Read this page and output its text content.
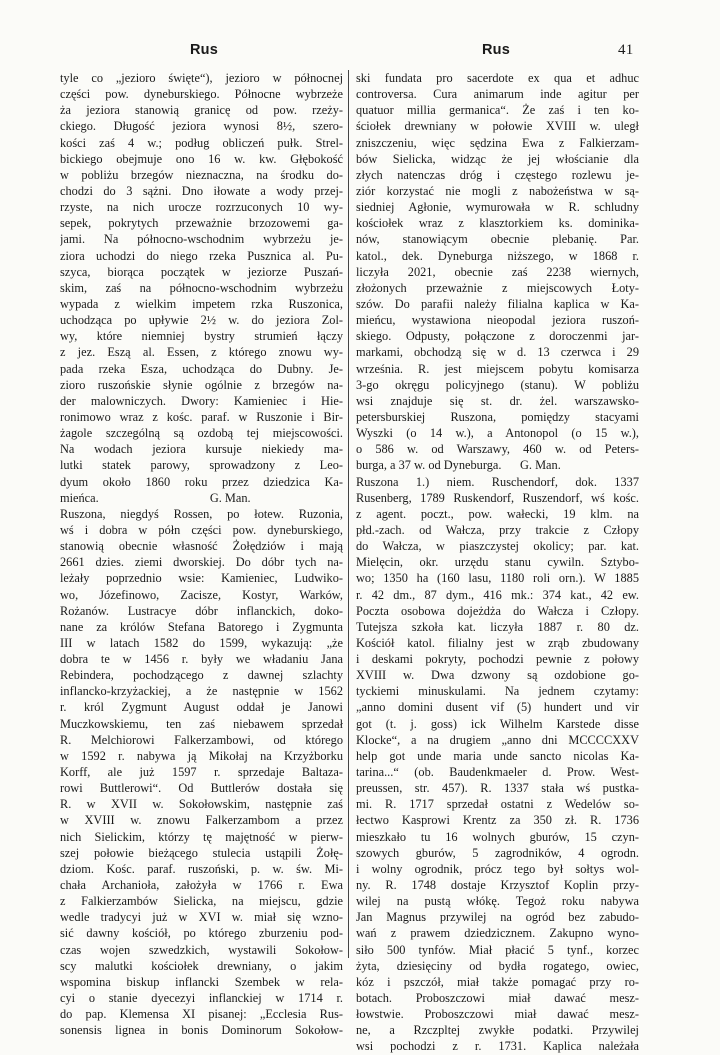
Rus	Rus	41
tyle co „jezioro święte“), jezioro w północnej
części pow. dyneburskiego. Północne wybrzeże
ża jeziora stanowią granicę od pow. rzeży-
ckiego. Długość jeziora wynosi 8½, szero-
kości zaś 4 w.; podług obliczeń pułk. Strel-
bickiego obejmuje ono 16 w. kw. Głębokość
w pobliżu brzegów nieznaczna, na środku do-
chodzi do 3 sążni. Dno iłowate a wody przej-
rzyste, na nich urocze rozrzuconych 10 wy-
sepek, pokrytych przeważnie brzozowemi ga-
jami. Na północno-wschodnim wybrzeżu je-
ziora uchodzi do niego rzeka Pusznica al. Pu-
szyca, biorąca początek w jeziorze Puszań-
skim, zaś na północno-wschodnim wybrzeżu
wypada z wielkim impetem rzka Ruszonica,
uchodząca po upływie 2½ w. do jeziora Zol-
wy, które niemniej bystry strumień łączy
z jez. Eszą al. Essen, z którego znowu wy-
pada rzeka Esza, uchodząca do Dubny. Je-
zioro ruszońskie słynie ogólnie z brzegów na-
der malowniczych. Dwory: Kamieniec i Hie-
ronimowo wraz z kośc. paraf. w Ruszonie i Bir-
żagole szczególną są ozdobą tej miejscowości.
Na wodach jeziora kursuje niekiedy ma-
lutki statek parowy, sprowadzony z Leo-
dyum około 1860 roku przez dziedzica Ka-
mieńca.                                    G. Man.
Ruszona, niegdyś Rossen, po łotew. Ruzonia,
wś i dobra w półn części pow. dyneburskiego,
stanowią obecnie własność Żołędziów i mają
2661 dzies. ziemi dworskiej. Do dóbr tych na-
leżały poprzednio wsie: Kamieniec, Ludwiko-
wo, Józefinowo, Zacisze, Kostyr, Warków,
Rożanów. Lustracye dóbr inflanckich, doko-
nane za królów Stefana Batorego i Zygmunta
III w latach 1582 do 1599, wykazują: „że
dobra te w 1456 r. były we władaniu Jana
Rebindera, pochodzącego z dawnej szlachty
inflancko-krzyżackiej, a że następnie w 1562
r. król Zygmunt August oddał je Janowi
Muczkowskiemu, ten zaś niebawem sprzedał
R. Melchiorowi Falkerzambowi, od którego
w 1592 r. nabywa ją Mikołaj na Krzyżborku
Korff, ale już 1597 r. sprzedaje Baltaza-
rowi Buttlerowi“. Od Buttlerów dostała się
R. w XVII w. Sokołowskim, następnie zaś
w XVIII w. znowu Falkerzambom a przez
nich Sielickim, którzy tę majętność w pierw-
szej połowie bieżącego stulecia ustąpili Żołę-
dziom. Kośc. paraf. ruszoński, p. w. św. Mi-
chała Archanioła, założyła w 1766 r. Ewa
z Falkierzambów Sielicka, na miejscu, gdzie
wedle tradycyi już w XVI w. miał się wzno-
sić dawny kościół, po którego zburzeniu pod-
czas wojen szwedzkich, wystawili Sokołow-
scy malutki kościołek drewniany, o jakim
wspomina biskup inflancki Szembek w rela-
cyi o stanie dyecezyi inflanckiej w 1714 r.
do pap. Klemensa XI pisanej: „Ecclesia Rus-
sonensis lignea in bonis Dominorum Sokołow-
ski fundata pro sacerdote ex qua et adhuc
controversa. Cura animarum inde agitur per
quatuor millia germanica“. Że zaś i ten ko-
ściołek drewniany w połowie XVIII w. uległ
zniszczeniu, więc sędzina Ewa z Falkierzam-
bów Sielicka, widząc że jej włościanie dla
złych natenczas dróg i częstego rozlewu je-
ziór korzystać nie mogli z nabożeństwa w są-
siedniej Agłonie, wymurowała w R. schludny
kościołek wraz z klasztorkiem ks. dominika-
nów, stanowiącym obecnie plebanię. Par.
katol., dek. Dyneburga niższego, w 1868 r.
liczyła 2021, obecnie zaś 2238 wiernych,
złożonych przeważnie z miejscowych Łoty-
szów. Do parafii należy filialna kaplica w Ka-
mieńcu, wystawiona nieopodal jeziora ruszoń-
skiego. Odpusty, połączone z doroczenmi jar-
markami, obchodzą się w d. 13 czerwca i 29
września. R. jest miejscem pobytu komisarza
3-go okręgu policyjnego (stanu). W pobliżu
wsi znajduje się st. dr. żel. warszawsko-
petersburskiej Ruszona, pomiędzy stacyami
Wyszki (o 14 w.), a Antonopol (o 15 w.),
o 586 w. od Warszawy, 460 w. od Peters-
burga, a 37 w. od Dyneburga.      G. Man.
Ruszona 1.) niem. Ruschendorf, dok. 1337
Rusenberg, 1789 Ruskendorf, Ruszendorf, wś kośc.
z agent. poczt., pow. wałecki, 19 klm. na
płd.-zach. od Wałcza, przy trakcie z Człopy
do Wałcza, w piaszczystej okolicy; par. kat.
Mielęcin, okr. urzędu stanu cywiln. Sztybo-
wo; 1350 ha (160 lasu, 1180 roli orn.). W 1885
r. 42 dm., 87 dym., 416 mk.: 374 kat., 42 ew.
Poczta osobowa dojeżdża do Wałcza i Człopy.
Tutejsza szkoła kat. liczyła 1887 r. 80 dz.
Kościół katol. filialny jest w zrąb zbudowany
i deskami pokryty, pochodzi pewnie z połowy
XVIII w. Dwa dzwony są ozdobione go-
tyckiemi minuskulami. Na jednem czytamy:
„anno domini dusent vif (5) hundert und vir
got (t. j. goss) ick Wilhelm Karstede disse
Klocke“, a na drugiem „anno dni MCCCCXXV
help got unde maria unde sancto nicolas Ka-
tarina...“ (ob. Baudenkmaeler d. Prow. West-
preussen, str. 457). R. 1337 stała wś pustka-
mi. R. 1717 sprzedał ostatni z Wedelów so-
łectwo Kasprowi Krentz za 350 zł. R. 1736
mieszkało tu 16 wolnych gburów, 15 czyn-
szowych gburów, 5 zagrodników, 4 ogrodn.
i wolny ogrodnik, prócz tego był sołtys wol-
ny. R. 1748 dostaje Krzysztof Koplin przy-
wilej na pustą włókę. Tegoż roku nabywa
Jan Magnus przywilej na ogród bez zabudo-
wań z prawem dziedzicznem. Zakupno wyno-
siło 500 tynfów. Miał płacić 5 tynf., korzec
żyta, dziesięciny od bydła rogatego, owiec,
kóz i pszczół, miał także pomagać przy ro-
botach. Proboszczowi miał dawać mesz-
łowstwie. Proboszczowi miał dawać mesz-
ne, a Rzczpltej zwykłe podatki. Przywilej
wsi pochodzi z r. 1731. Kaplica należała
